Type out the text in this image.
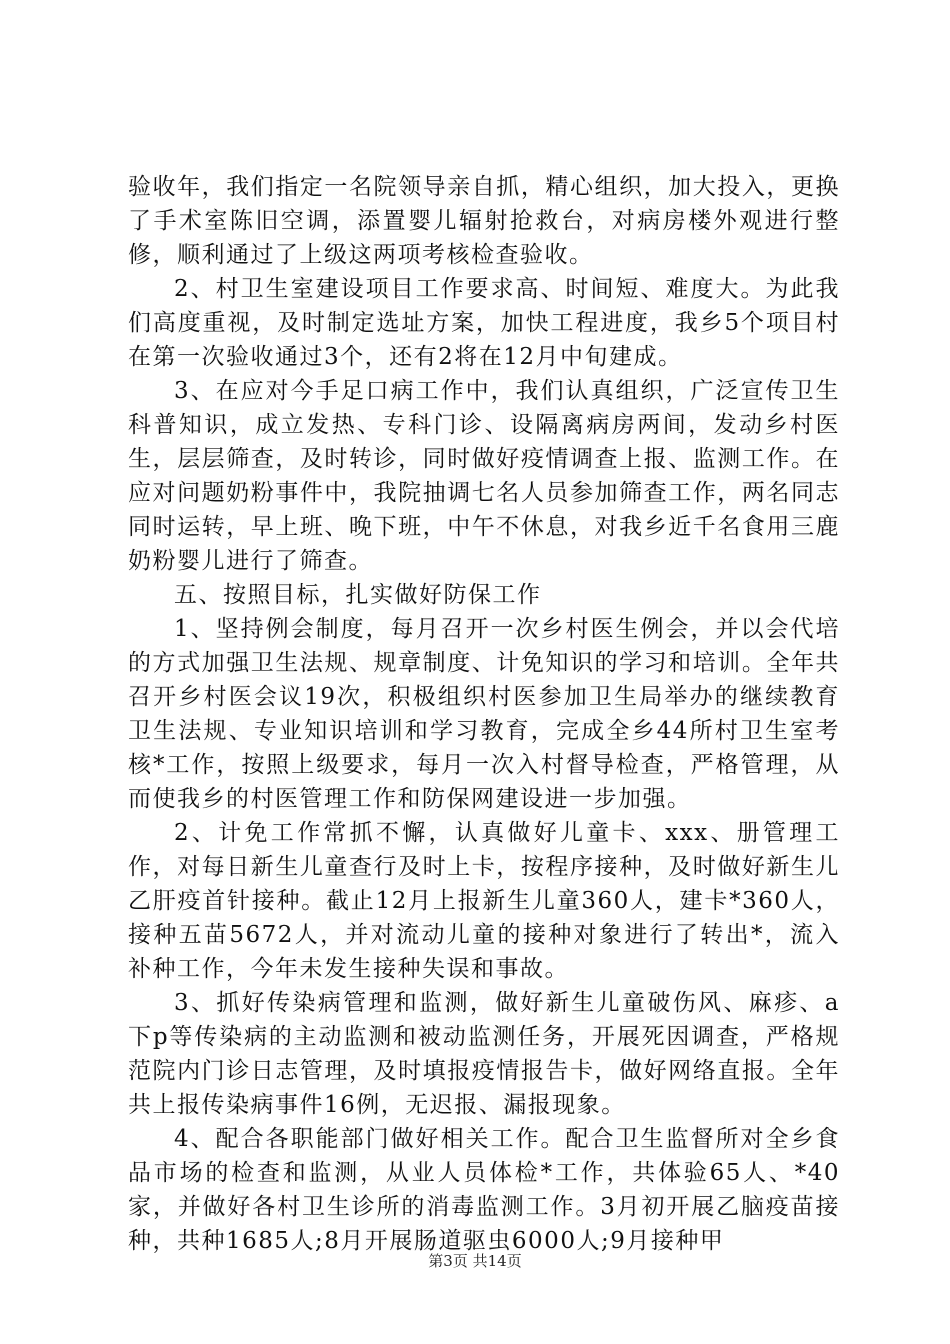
验收年，我们指定一名院领导亲自抓，精心组织，加大投入，更换了手术室陈旧空调，添置婴儿辐射抢救台，对病房楼外观进行整修，顺利通过了上级这两项考核检查验收。

2、村卫生室建设项目工作要求高、时间短、难度大。为此我们高度重视，及时制定选址方案，加快工程进度，我乡5个项目村在第一次验收通过3个，还有2将在12月中旬建成。

3、在应对今手足口病工作中，我们认真组织，广泛宣传卫生科普知识，成立发热、专科门诊、设隔离病房两间，发动乡村医生，层层筛查，及时转诊，同时做好疫情调查上报、监测工作。在应对问题奶粉事件中，我院抽调七名人员参加筛查工作，两名同志同时运转，早上班、晚下班，中午不休息，对我乡近千名食用三鹿奶粉婴儿进行了筛查。

五、按照目标，扎实做好防保工作

1、坚持例会制度，每月召开一次乡村医生例会，并以会代培的方式加强卫生法规、规章制度、计免知识的学习和培训。全年共召开乡村医会议19次，积极组织村医参加卫生局举办的继续教育卫生法规、专业知识培训和学习教育，完成全乡44所村卫生室考核*工作，按照上级要求，每月一次入村督导检查，严格管理，从而使我乡的村医管理工作和防保网建设进一步加强。

2、计免工作常抓不懈，认真做好儿童卡、xxx、册管理工作，对每日新生儿童查行及时上卡，按程序接种，及时做好新生儿乙肝疫首针接种。截止12月上报新生儿童360人，建卡*360人，接种五苗5672人，并对流动儿童的接种对象进行了转出*，流入补种工作，今年未发生接种失误和事故。

3、抓好传染病管理和监测，做好新生儿童破伤风、麻疹、a下p等传染病的主动监测和被动监测任务，开展死因调查，严格规范院内门诊日志管理，及时填报疫情报告卡，做好网络直报。全年共上报传染病事件16例，无迟报、漏报现象。

4、配合各职能部门做好相关工作。配合卫生监督所对全乡食品市场的检查和监测，从业人员体检*工作，共体验65人、*40家，并做好各村卫生诊所的消毒监测工作。3月初开展乙脑疫苗接种，共种1685人;8月开展肠道驱虫6000人;9月接种甲

第3页 共14页
